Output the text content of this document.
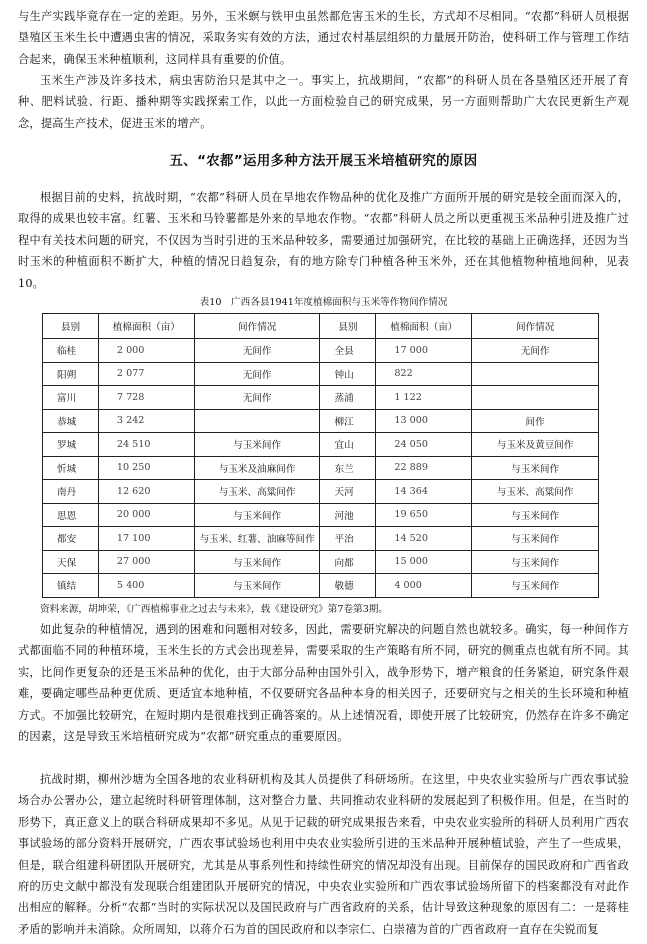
与生产实践毕竟存在一定的差距。另外，玉米螟与铁甲虫虽然都危害玉米的生长，方式却不尽相同。“农都”科研人员根据垦殖区玉米生长中遭遇虫害的情况，采取务实有效的方法，通过农村基层组织的力量展开防治，使科研工作与管理工作结合起来，确保玉米种植顺利，这同样具有重要的价值。

玉米生产涉及许多技术，病虫害防治只是其中之一。事实上，抗战期间，“农都”的科研人员在各垦殖区还开展了育种、肥料试验、行距、播种期等实践探索工作，以此一方面检验自己的研究成果，另一方面则帮助广大农民更新生产观念，提高生产技术，促进玉米的增产。

五、“农都”运用多种方法开展玉米培植研究的原因

根据目前的史料，抗战时期，“农都”科研人员在旱地农作物品种的优化及推广方面所开展的研究是较全面而深入的，取得的成果也较丰富。红薯、玉米和马铃薯都是外来的旱地农作物。“农都”科研人员之所以更重视玉米品种引进及推广过程中有关技术问题的研究，不仅因为当时引进的玉米品种较多，需要通过加强研究，在比较的基础上正确选择，还因为当时玉米的种植面积不断扩大，种植的情况日趋复杂，有的地方除专门种植各种玉米外，还在其他植物种植地间种，见表10。

表10　广西各县1941年度植棉面积与玉米等作物间作情况

县别	植棉面积（亩）	间作情况	县别	植棉面积（亩）	间作情况
临桂	2 000	无间作	全县	17 000	无间作
阳朔	2 077	无间作	钟山	822	
富川	7 728	无间作	蒸浦	1 122	
恭城	3 242		柳江	13 000	间作
罗城	24 510	与玉米间作	宜山	24 050	与玉米及黄豆间作
忻城	10 250	与玉米及油麻间作	东兰	22 889	与玉米间作
南丹	12 620	与玉米、高粱间作	天河	14 364	与玉米、高粱间作
思恩	20 000	与玉米间作	河池	19 650	与玉米间作
都安	17 100	与玉米、红薯、油麻等间作	平治	14 520	与玉米间作
天保	27 000	与玉米间作	向都	15 000	与玉米间作
镇结	5 400	与玉米间作	敬德	4 000	与玉米间作

资料来源，胡坤荣，《广西植棉事业之过去与未来》，载《建设研究》第7卷第3期。

如此复杂的种植情况，遇到的困难和问题相对较多，因此，需要研究解决的问题自然也就较多。确实，每一种间作方式都面临不同的种植环境，玉米生长的方式会出现差异，需要采取的生产策略有所不同，研究的侧重点也就有所不同。其实，比间作更复杂的还是玉米品种的优化，由于大部分品种由国外引入，战争形势下，增产粮食的任务紧迫，研究条件艰难，要确定哪些品种更优质、更适宜本地种植，不仅要研究各品种本身的相关因子，还要研究与之相关的生长环境和种植方式。不加强比较研究，在短时期内是很难找到正确答案的。从上述情况看，即使开展了比较研究，仍然存在许多不确定的因素，这是导致玉米培植研究成为“农都”研究重点的重要原因。

抗战时期，柳州沙塘为全国各地的农业科研机构及其人员提供了科研场所。在这里，中央农业实验所与广西农事试验场合办公署办公，建立起统时科研管理体制，这对整合力量、共同推动农业科研的发展起到了积极作用。但是，在当时的形势下，真正意义上的联合科研成果却不多见。从见于记载的研究成果报告来看，中央农业实验所的科研人员利用广西农事试验场的部分资料开展研究，广西农事试验场也利用中央农业实验所引进的玉米品种开展种植试验，产生了一些成果，但是，联合组建科研团队开展研究，尤其是从事系列性和持续性研究的情况却没有出现。目前保存的国民政府和广西省政府的历史文献中都没有发现联合组建团队开展研究的情况，中央农业实验所和广西农事试验场所留下的档案都没有对此作出相应的解释。分析“农都”当时的实际状况以及国民政府与广西省政府的关系，估计导致这种现象的原因有二：一是蒋桂矛盾的影响并未消除。众所周知，以蒋介石为首的国民政府和以李宗仁、白崇禧为首的广西省政府一直存在尖锐而复
